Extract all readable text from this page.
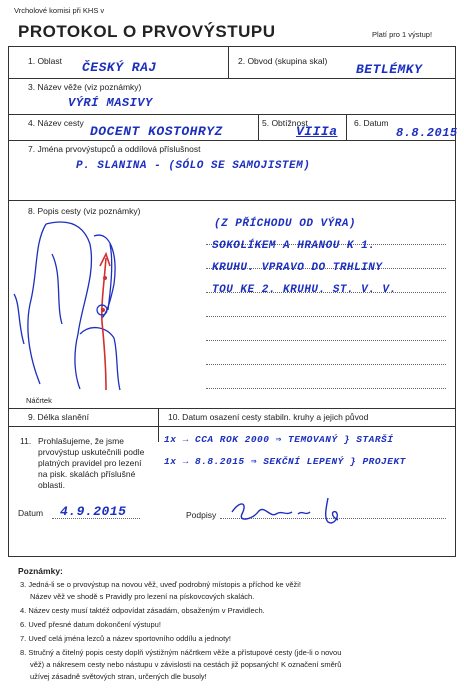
Vrcholové komisi při KHS v
PROTOKOL O PRVOVÝSTUPU	Platí pro 1 výstup!
1. Oblast ČESKÝ RAJ	2. Obvod (skupina skal)
BETLÉMKY
3. Název věže (viz poznámky)
VÝRÍ MASIVY
4. Název cesty
DOCENT KOSTOHRYZ
5. Obtížnost
VIIIa
6. Datum
8.8.2015
7. Jména prvovýstupců a oddílová příslušnost
P. SLANINA - (SÓLO SE SAMOJISTEM)
8. Popis cesty (viz poznámky)
(Z PŘÍCHODU OD VÝRA)
SOKOLÍKEM A HRANOU K 1.
KRUHU. VPRAVO DO TRHLINY
TOU KE 2. KRUHU. ST. V. V.
Náčrtek
9. Délka slanění	10. Datum osazení cesty stabiln. kruhy a jejich původ
11. Prohlašujeme, že jsme prvovýstup uskutečnili podle platných pravidel pro lezení na pisk. skalách příslušné oblasti.
1x → CCA ROK 2000 ⇒ TEMOVANÝ } STARŠÍ
1x → 8.8.2015 ⇒ SEKČNÍ LEPENÝ } PROJEKT
Datum 4.9.2015	Podpisy
Poznámky:
3. Jedná-li se o prvovýstup na novou věž, uveď podrobný místopis a příchod ke věži!
Název věž ve shodě s Pravidly pro lezení na pískovcových skalách.
4. Název cesty musí taktéž odpovídat zásadám, obsaženým v Pravidlech.
6. Uveď přesné datum dokončení výstupu!
7. Uveď celá jména lezců a název sportovního oddílu a jednoty!
8. Stručný a čitelný popis cesty doplň výstižným náčrtkem věže a přístupové cesty (jde-li o novou
věž) a nákresem cesty nebo nástupu v závislosti na cestách již popsaných! K označení směrů
užívej zásadně světových stran, určených dle busoly!
